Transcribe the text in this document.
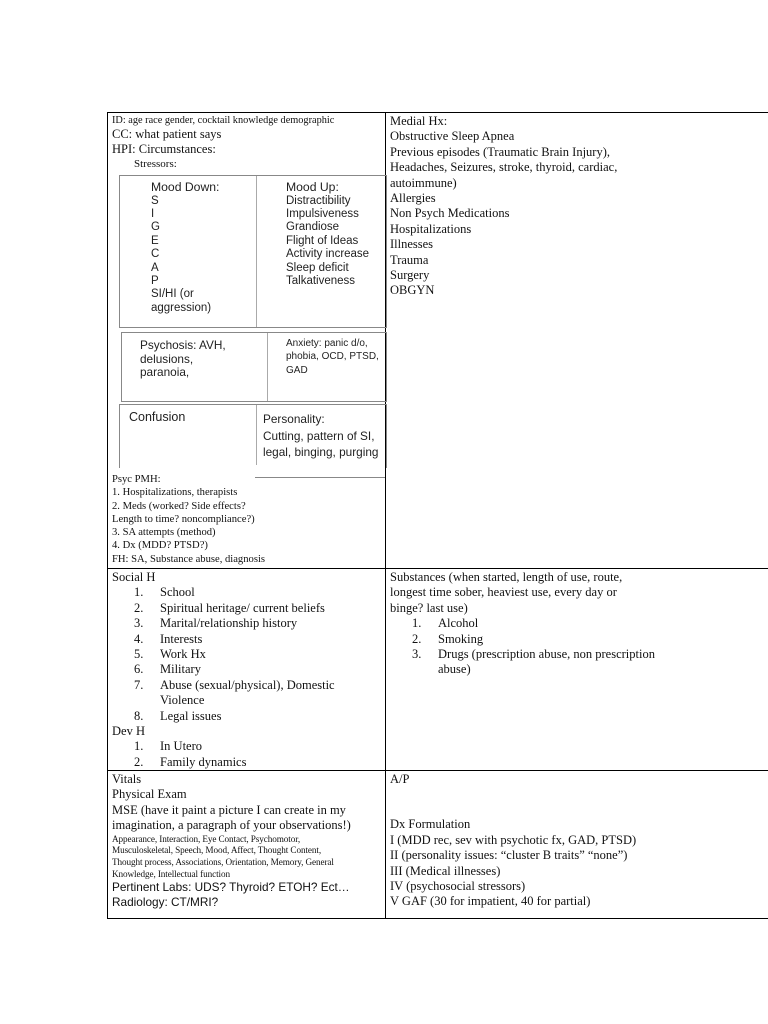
ID: age race gender, cocktail knowledge demographic
CC: what patient says
HPI: Circumstances:
Stressors:
Mood Down:
S
I
G
E
C
A
P
SI/HI (or
aggression)
Mood Up:
Distractibility
Impulsiveness
Grandiose
Flight of Ideas
Activity increase
Sleep deficit
Talkativeness
Psychosis: AVH,
delusions,
paranoia,
Anxiety: panic d/o,
phobia, OCD, PTSD,
GAD
Confusion	Personality:
Cutting, pattern of SI,
legal, binging, purging
Psyc PMH:
1. Hospitalizations, therapists
2. Meds (worked? Side effects?
Length to time? noncompliance?)
3. SA attempts (method)
4. Dx (MDD? PTSD?)
FH: SA, Substance abuse, diagnosis
Medial Hx:
Obstructive Sleep Apnea
Previous episodes (Traumatic Brain Injury),
Headaches, Seizures, stroke, thyroid, cardiac,
autoimmune)
Allergies
Non Psych Medications
Hospitalizations
Illnesses
Trauma
Surgery
OBGYN
Social H
1. School
2. Spiritual heritage/ current beliefs
3. Marital/relationship history
4. Interests
5. Work Hx
6. Military
7. Abuse (sexual/physical), Domestic Violence
8. Legal issues
Dev H
1. In Utero
2. Family dynamics
Substances (when started, length of use, route,
longest time sober, heaviest use, every day or
binge? last use)
1. Alcohol
2. Smoking
3. Drugs (prescription abuse, non prescription abuse)
Vitals
Physical Exam
MSE (have it paint a picture I can create in my
imagination, a paragraph of your observations!)
Appearance, Interaction, Eye Contact, Psychomotor,
Musculoskeletal, Speech, Mood, Affect, Thought Content,
Thought process, Associations, Orientation, Memory, General
Knowledge, Intellectual function
Pertinent Labs: UDS? Thyroid? ETOH? Ect…
Radiology: CT/MRI?
A/P
Dx Formulation
I (MDD rec, sev with psychotic fx, GAD, PTSD)
II (personality issues: “cluster B traits” “none”)
III (Medical illnesses)
IV (psychosocial stressors)
V GAF (30 for impatient, 40 for partial)
